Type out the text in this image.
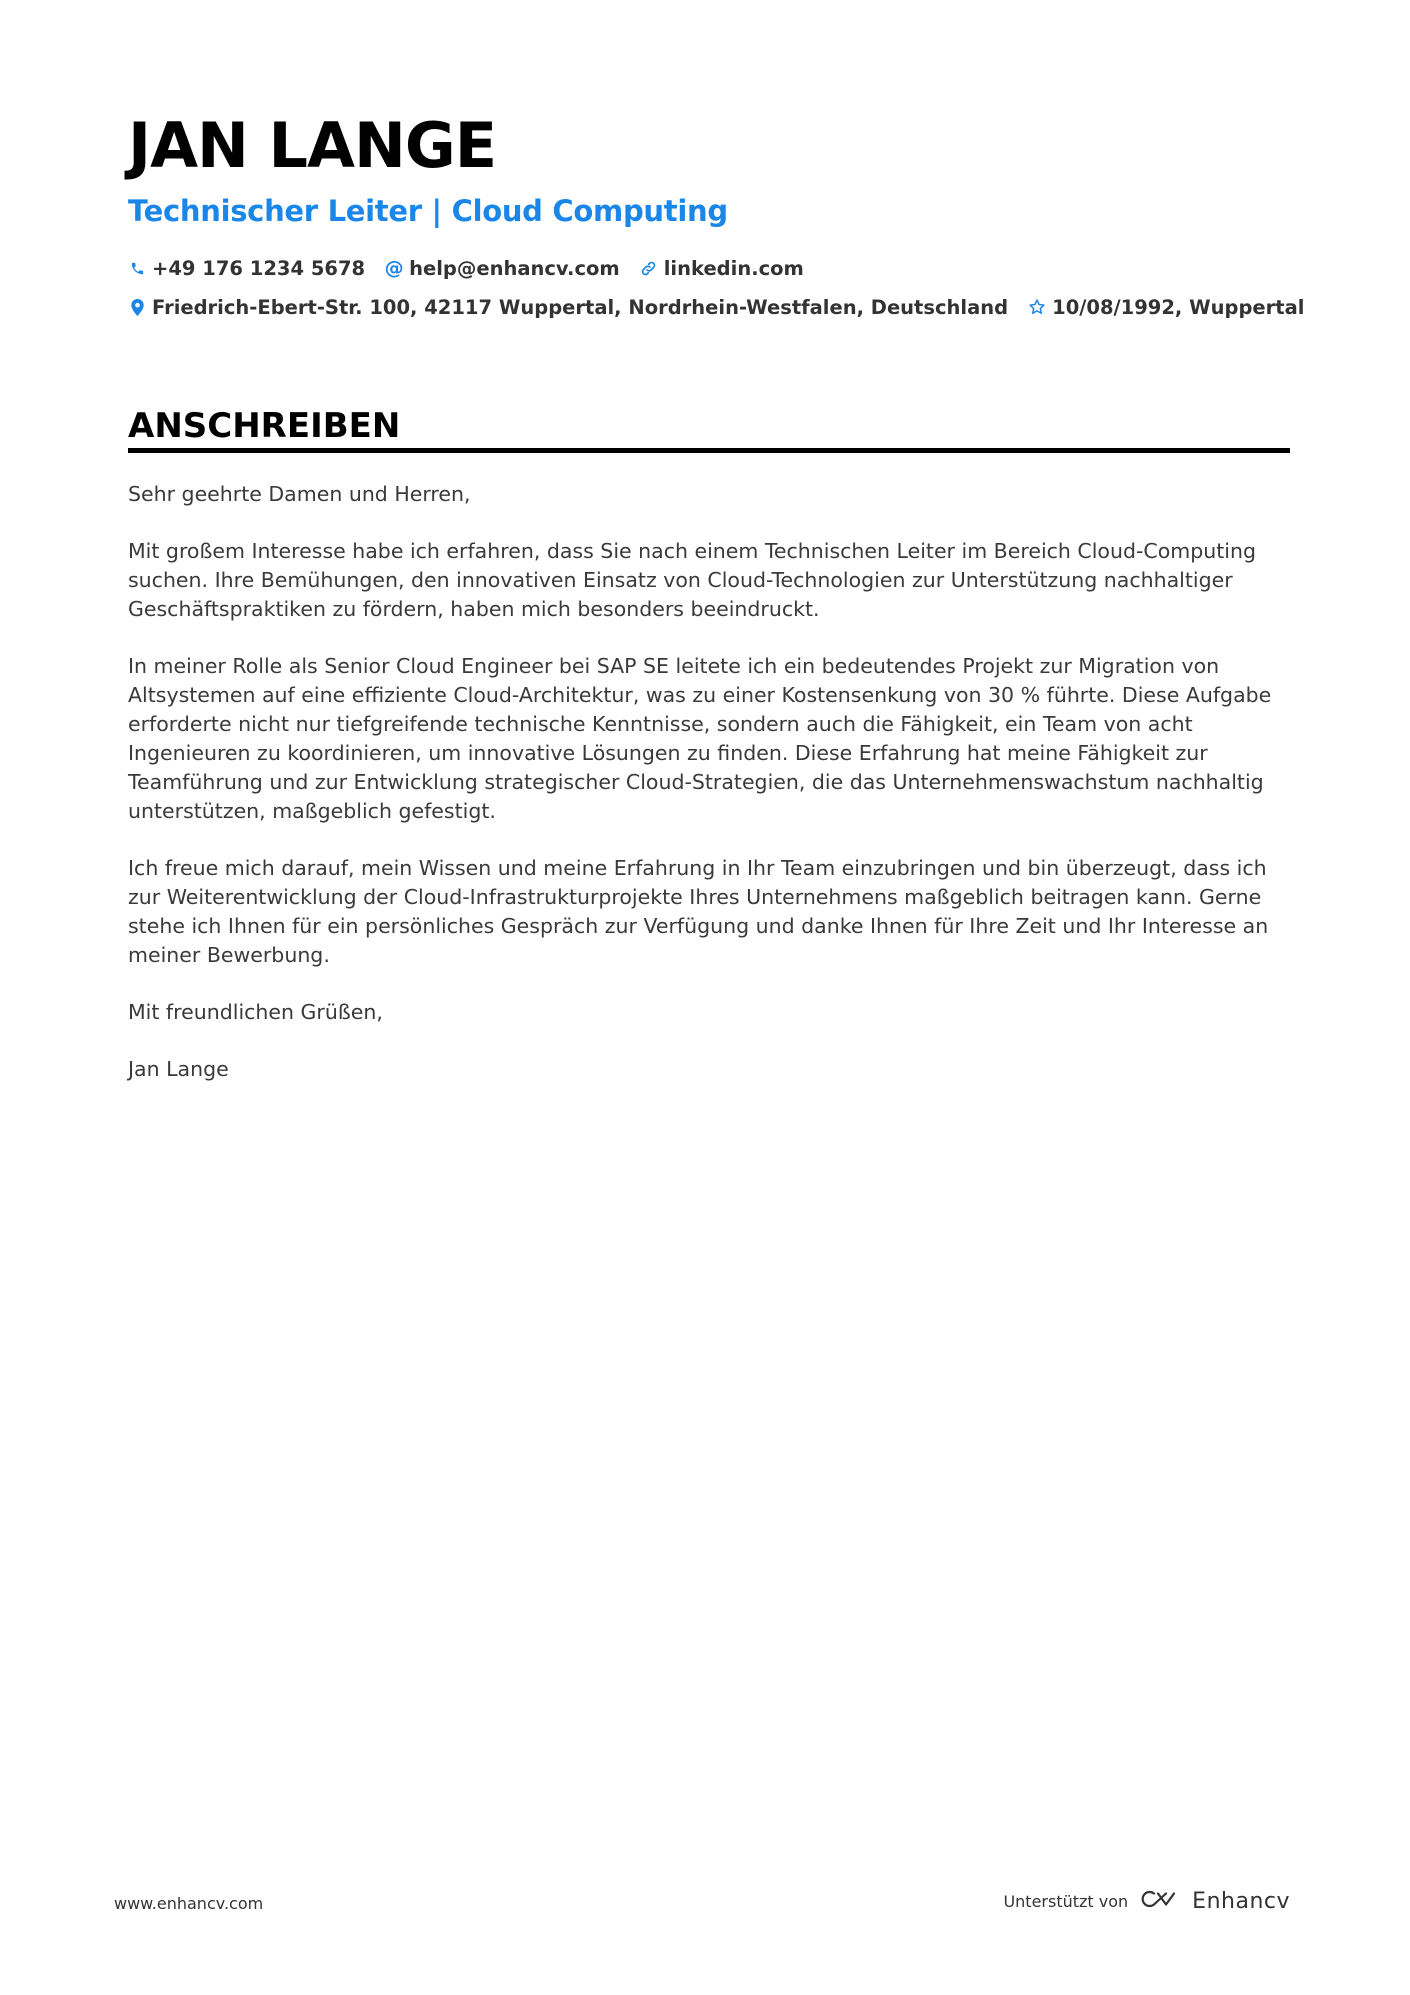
JAN LANGE
Technischer Leiter | Cloud Computing
+49 176 1234 5678 @ help@enhancv.com linkedin.com
Friedrich-Ebert-Str. 100, 42117 Wuppertal, Nordrhein-Westfalen, Deutschland 10/08/1992, Wuppertal
ANSCHREIBEN

Sehr geehrte Damen und Herren,

Mit großem Interesse habe ich erfahren, dass Sie nach einem Technischen Leiter im Bereich Cloud-Computing suchen. Ihre Bemühungen, den innovativen Einsatz von Cloud-Technologien zur Unterstützung nachhaltiger Geschäftspraktiken zu fördern, haben mich besonders beeindruckt.

In meiner Rolle als Senior Cloud Engineer bei SAP SE leitete ich ein bedeutendes Projekt zur Migration von Altsystemen auf eine effiziente Cloud-Architektur, was zu einer Kostensenkung von 30 % führte. Diese Aufgabe erforderte nicht nur tiefgreifende technische Kenntnisse, sondern auch die Fähigkeit, ein Team von acht Ingenieuren zu koordinieren, um innovative Lösungen zu finden. Diese Erfahrung hat meine Fähigkeit zur Teamführung und zur Entwicklung strategischer Cloud-Strategien, die das Unternehmenswachstum nachhaltig unterstützen, maßgeblich gefestigt.

Ich freue mich darauf, mein Wissen und meine Erfahrung in Ihr Team einzubringen und bin überzeugt, dass ich zur Weiterentwicklung der Cloud-Infrastrukturprojekte Ihres Unternehmens maßgeblich beitragen kann. Gerne stehe ich Ihnen für ein persönliches Gespräch zur Verfügung und danke Ihnen für Ihre Zeit und Ihr Interesse an meiner Bewerbung.

Mit freundlichen Grüßen,

Jan Lange

www.enhancv.com	Unterstützt von	Enhancv
